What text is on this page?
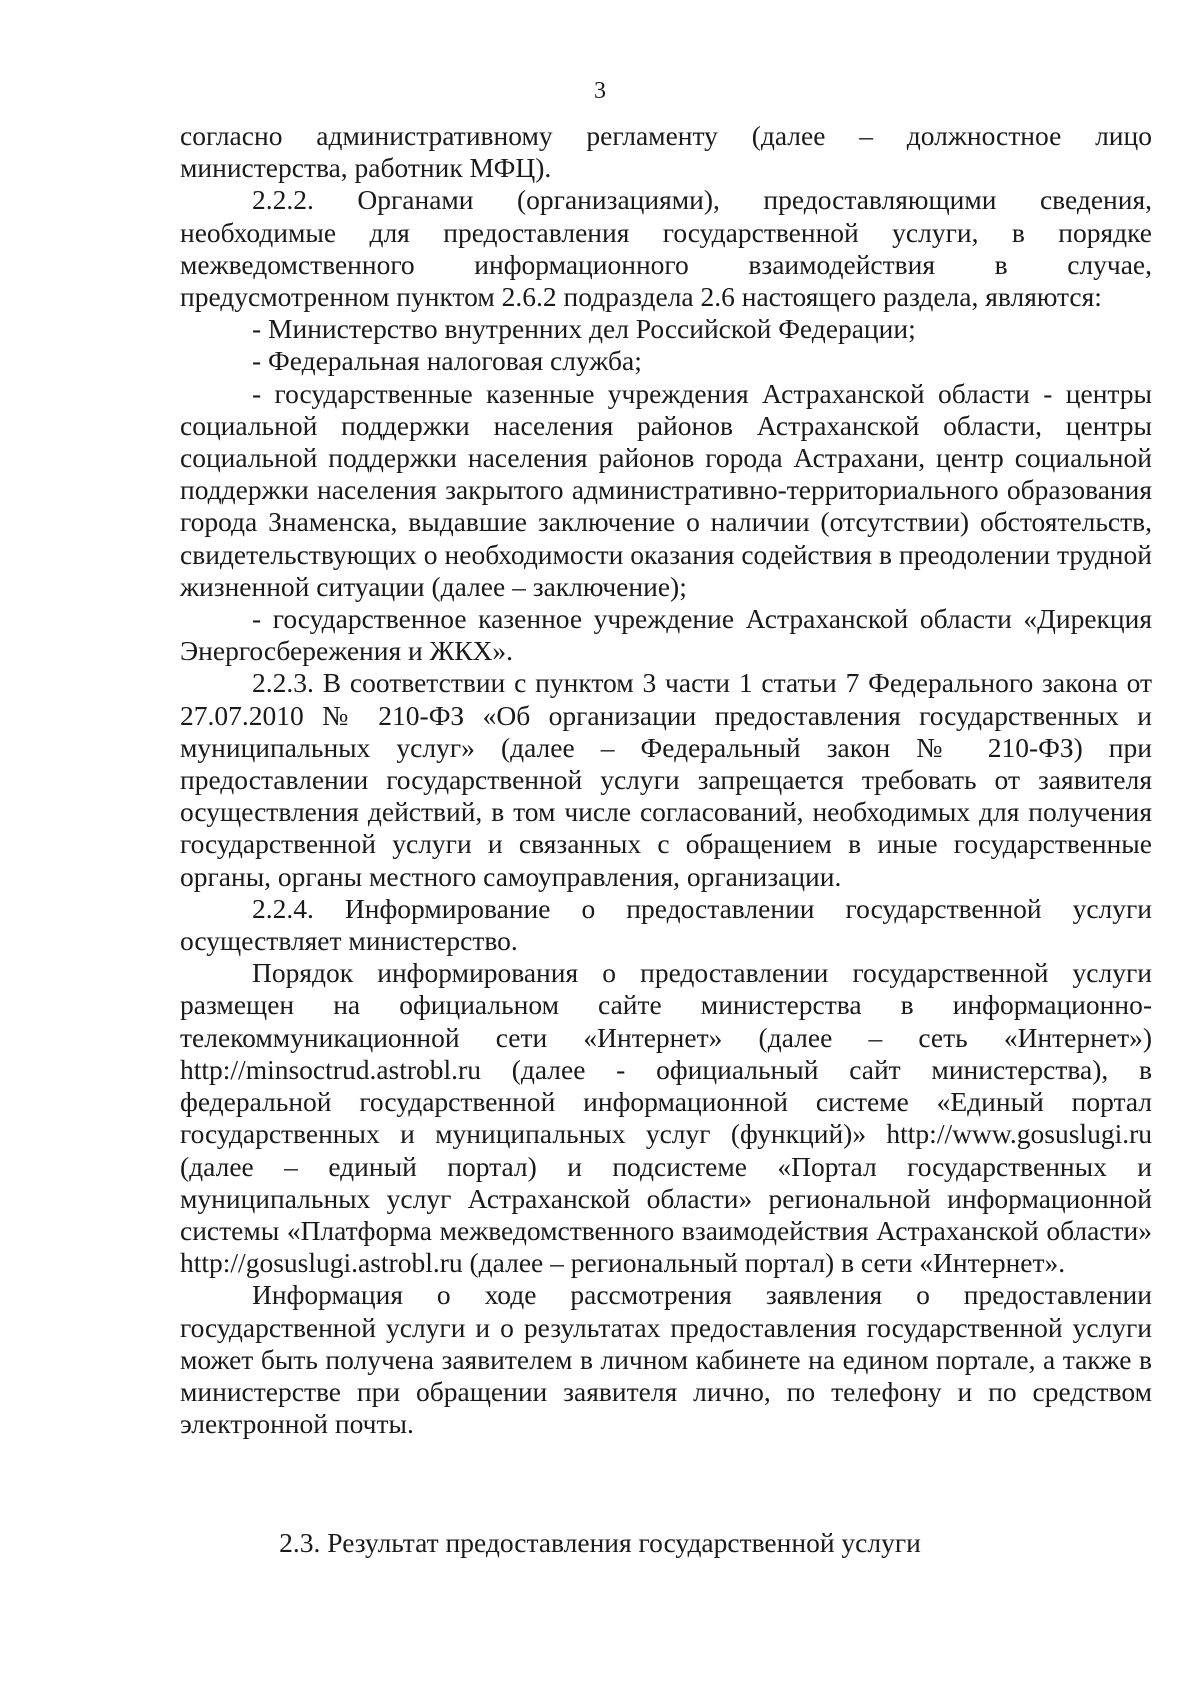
3

согласно административному регламенту (далее – должностное лицо министерства, работник МФЦ).

2.2.2. Органами (организациями), предоставляющими сведения, необходимые для предоставления государственной услуги, в порядке межведомственного информационного взаимодействия в случае, предусмотренном пунктом 2.6.2 подраздела 2.6 настоящего раздела, являются:

- Министерство внутренних дел Российской Федерации;

- Федеральная налоговая служба;

- государственные казенные учреждения Астраханской области - центры социальной поддержки населения районов Астраханской области, центры социальной поддержки населения районов города Астрахани, центр социальной поддержки населения закрытого административно-территориального образования города Знаменска, выдавшие заключение о наличии (отсутствии) обстоятельств, свидетельствующих о необходимости оказания содействия в преодолении трудной жизненной ситуации (далее – заключение);

- государственное казенное учреждение Астраханской области «Дирекция Энергосбережения и ЖКХ».

2.2.3. В соответствии с пунктом 3 части 1 статьи 7 Федерального закона от 27.07.2010 № 210-ФЗ «Об организации предоставления государственных и муниципальных услуг» (далее – Федеральный закон № 210-ФЗ) при предоставлении государственной услуги запрещается требовать от заявителя осуществления действий, в том числе согласований, необходимых для получения государственной услуги и связанных с обращением в иные государственные органы, органы местного самоуправления, организации.

2.2.4. Информирование о предоставлении государственной услуги осуществляет министерство.

Порядок информирования о предоставлении государственной услуги размещен на официальном сайте министерства в информационно-телекоммуникационной сети «Интернет» (далее – сеть «Интернет») http://minsoctrud.astrobl.ru (далее - официальный сайт министерства), в федеральной государственной информационной системе «Единый портал государственных и муниципальных услуг (функций)» http://www.gosuslugi.ru (далее – единый портал) и подсистеме «Портал государственных и муниципальных услуг Астраханской области» региональной информационной системы «Платформа межведомственного взаимодействия Астраханской области» http://gosuslugi.astrobl.ru (далее – региональный портал) в сети «Интернет».

Информация о ходе рассмотрения заявления о предоставлении государственной услуги и о результатах предоставления государственной услуги может быть получена заявителем в личном кабинете на едином портале, а также в министерстве при обращении заявителя лично, по телефону и по средством электронной почты.

2.3. Результат предоставления государственной услуги
